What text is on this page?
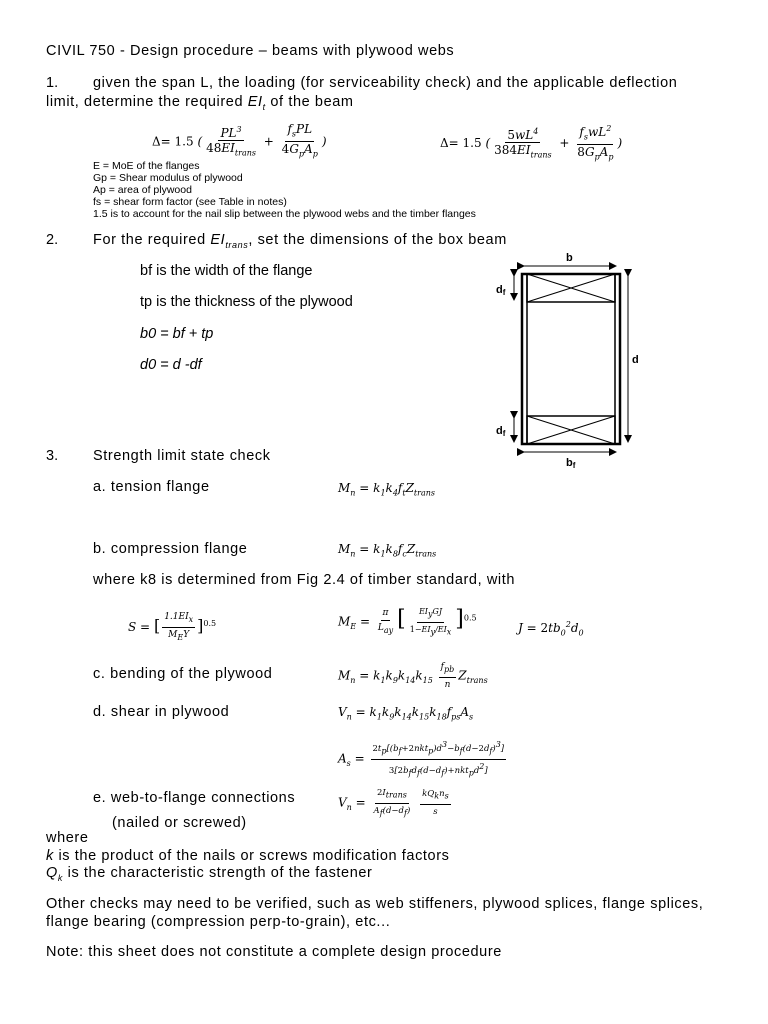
CIVIL 750 - Design procedure – beams with plywood webs
1. given the span L, the loading (for serviceability check) and the applicable deflection
limit, determine the required $EI_t$ of the beam
Δ= 1.5 (
$PL^3$
$48EI_{trans}$
+
$f_sPL$
$4G_pA_p$
)	Δ= 1.5 (
$5wL^4$
$384EI_{trans}$
+
$f_swL^2$
$8G_pA_p$
)
E = MoE of the flanges
Gp = Shear modulus of plywood
Ap = area of plywood
fs = shear form factor (see Table in notes)
1.5 is to account for the nail slip between the plywood webs and the timber flanges
2. For the required $EI_{trans}$, set the dimensions of the box beam
bf is the width of the flange
tp is the thickness of the plywood
b0 = bf + tp
d0 = d -df
b
df
d
df
bf
3. Strength limit state check
a. tension flange	$M_n = k_1k_4f_tZ_{trans}$
b. compression flange	$M_n = k_1k_8f_cZ_{trans}$
where k8 is determined from Fig 2.4 of timber standard, with
S = [ $1.1EI_x$
$M_EY$ ]$^{0.5}$	$M_E$ =
π
$L_{ay}$ [ $EI_yGJ$
$1-EI_y/EI_x$
]$^{0.5}$
$J = 2tb_0^2d_0$
c. bending of the plywood	$M_n = k_1k_9k_{14}k_{15}$
$f_{pb}$
n
$Z_{trans}$
d. shear in plywood	$V_n = k_1k_9k_{14}k_{15}k_{18}f_{ps}A_s$
$A_s$ =
$2t_p[(b_f+2nkt_p)d^3-b_f(d-2d_f)^3]$
$3[2b_fd_f(d-d_f)+nkt_pd^2]$
e. web-to-flange connections	$V_n$ =
$2I_{trans}$
$A_f(d-d_f)$

$kQ_kn_s$
s
(nailed or screwed)
where
k is the product of the nails or screws modification factors
$Q_k$ is the characteristic strength of the fastener
Other checks may need to be verified, such as web stiffeners, plywood splices, flange splices,
flange bearing (compression perp-to-grain), etc...
Note: this sheet does not constitute a complete design procedure
